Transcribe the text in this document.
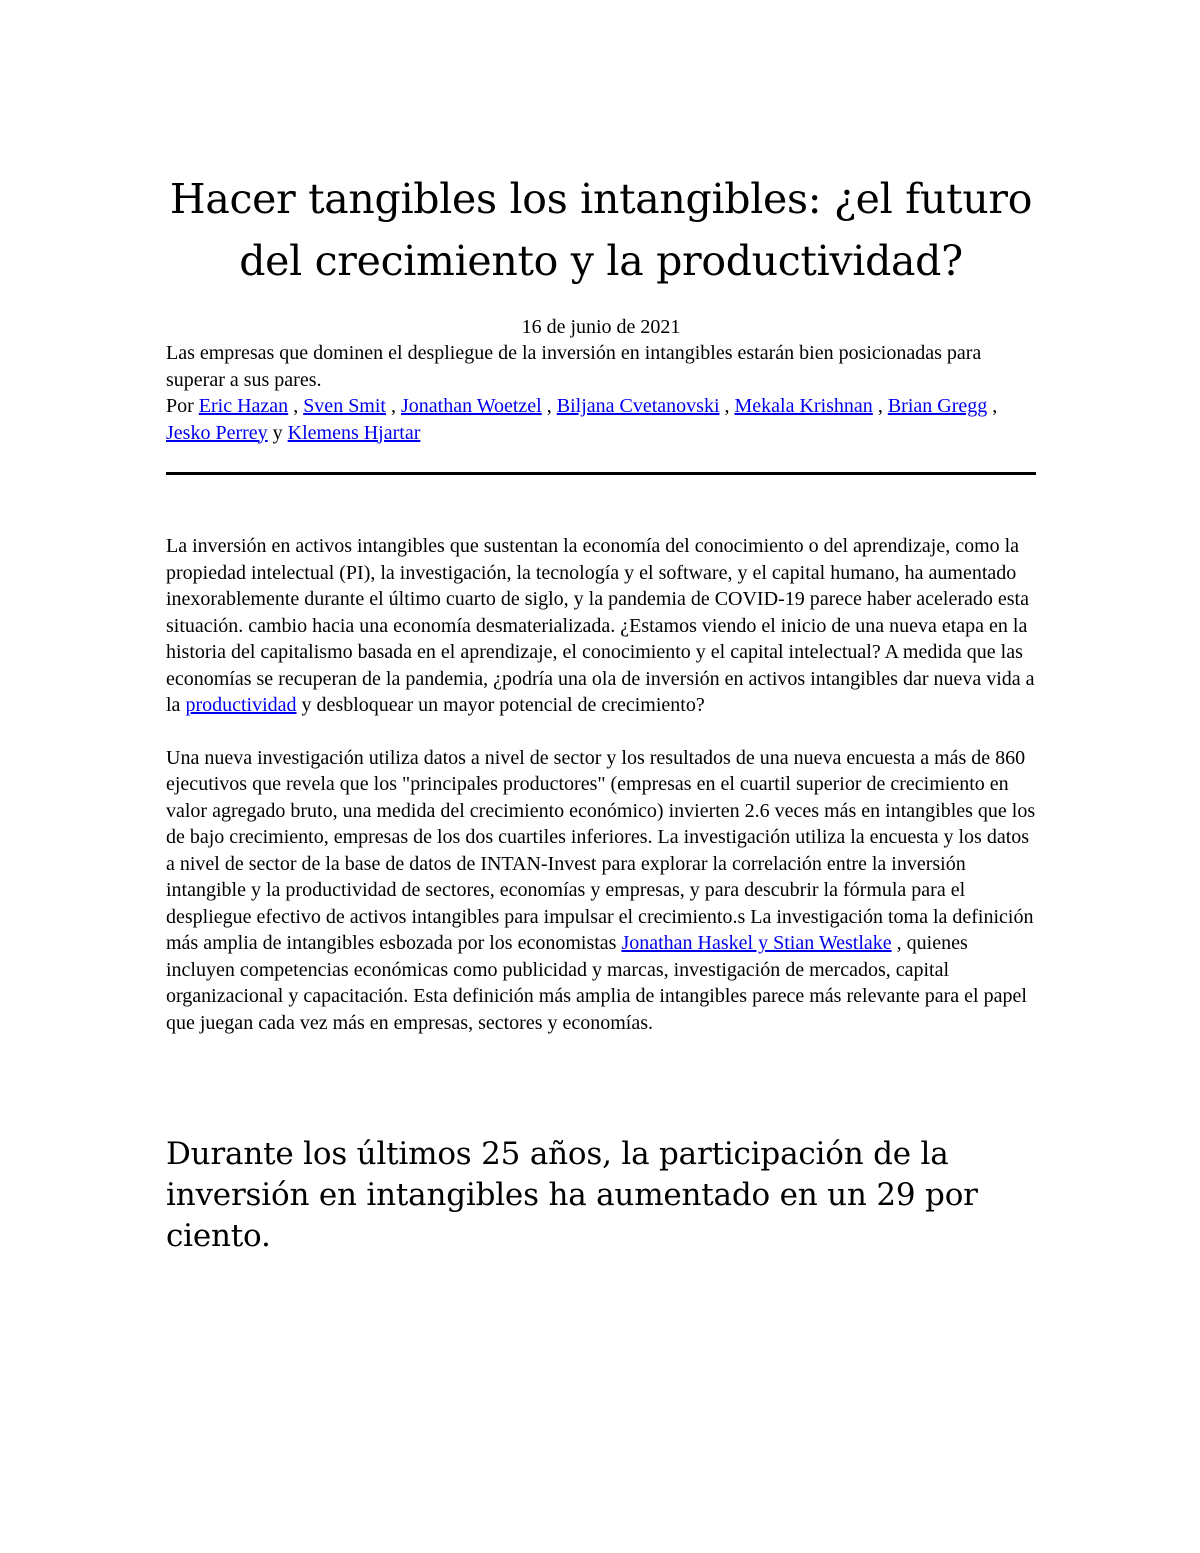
Hacer tangibles los intangibles: ¿el futuro del crecimiento y la productividad?
16 de junio de 2021
Las empresas que dominen el despliegue de la inversión en intangibles estarán bien posicionadas para superar a sus pares.

Por Eric Hazan , Sven Smit , Jonathan Woetzel , Biljana Cvetanovski , Mekala Krishnan , Brian Gregg , Jesko Perrey y Klemens Hjartar

La inversión en activos intangibles que sustentan la economía del conocimiento o del aprendizaje, como la propiedad intelectual (PI), la investigación, la tecnología y el software, y el capital humano, ha aumentado inexorablemente durante el último cuarto de siglo, y la pandemia de COVID-19 parece haber acelerado esta situación. cambio hacia una economía desmaterializada. ¿Estamos viendo el inicio de una nueva etapa en la historia del capitalismo basada en el aprendizaje, el conocimiento y el capital intelectual? A medida que las economías se recuperan de la pandemia, ¿podría una ola de inversión en activos intangibles dar nueva vida a la productividad y desbloquear un mayor potencial de crecimiento?

Una nueva investigación utiliza datos a nivel de sector y los resultados de una nueva encuesta a más de 860 ejecutivos que revela que los "principales productores" (empresas en el cuartil superior de crecimiento en valor agregado bruto, una medida del crecimiento económico) invierten 2.6 veces más en intangibles que los de bajo crecimiento, empresas de los dos cuartiles inferiores. La investigación utiliza la encuesta y los datos a nivel de sector de la base de datos de INTAN-Invest para explorar la correlación entre la inversión intangible y la productividad de sectores, economías y empresas, y para descubrir la fórmula para el despliegue efectivo de activos intangibles para impulsar el crecimiento.s La investigación toma la definición más amplia de intangibles esbozada por los economistas Jonathan Haskel y Stian Westlake , quienes incluyen competencias económicas como publicidad y marcas, investigación de mercados, capital organizacional y capacitación. Esta definición más amplia de intangibles parece más relevante para el papel que juegan cada vez más en empresas, sectores y economías.

Durante los últimos 25 años, la participación de la inversión en intangibles ha aumentado en un 29 por ciento.
